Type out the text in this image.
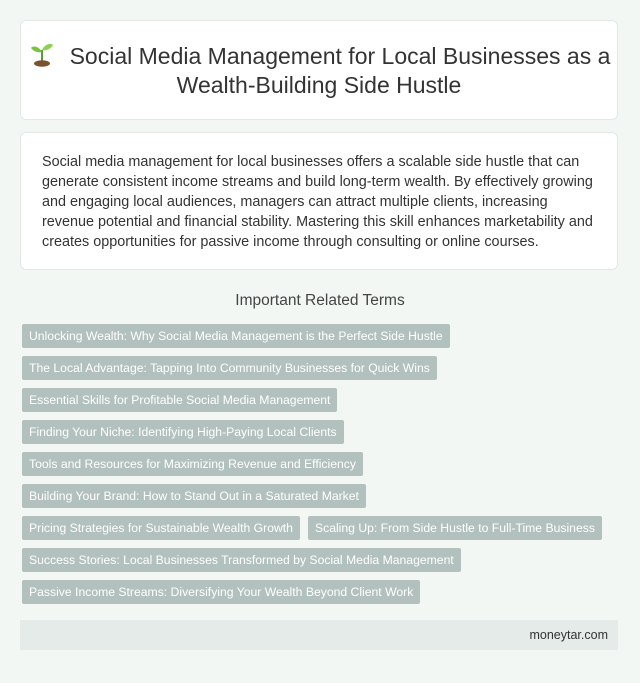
Social Media Management for Local Businesses as a Wealth-Building Side Hustle

Social media management for local businesses offers a scalable side hustle that can generate consistent income streams and build long-term wealth. By effectively growing and engaging local audiences, managers can attract multiple clients, increasing revenue potential and financial stability. Mastering this skill enhances marketability and creates opportunities for passive income through consulting or online courses.

Important Related Terms
Unlocking Wealth: Why Social Media Management is the Perfect Side Hustle
The Local Advantage: Tapping Into Community Businesses for Quick Wins
Essential Skills for Profitable Social Media Management
Finding Your Niche: Identifying High-Paying Local Clients
Tools and Resources for Maximizing Revenue and Efficiency
Building Your Brand: How to Stand Out in a Saturated Market
Pricing Strategies for Sustainable Wealth Growth	Scaling Up: From Side Hustle to Full-Time Business
Success Stories: Local Businesses Transformed by Social Media Management
Passive Income Streams: Diversifying Your Wealth Beyond Client Work
moneytar.com
